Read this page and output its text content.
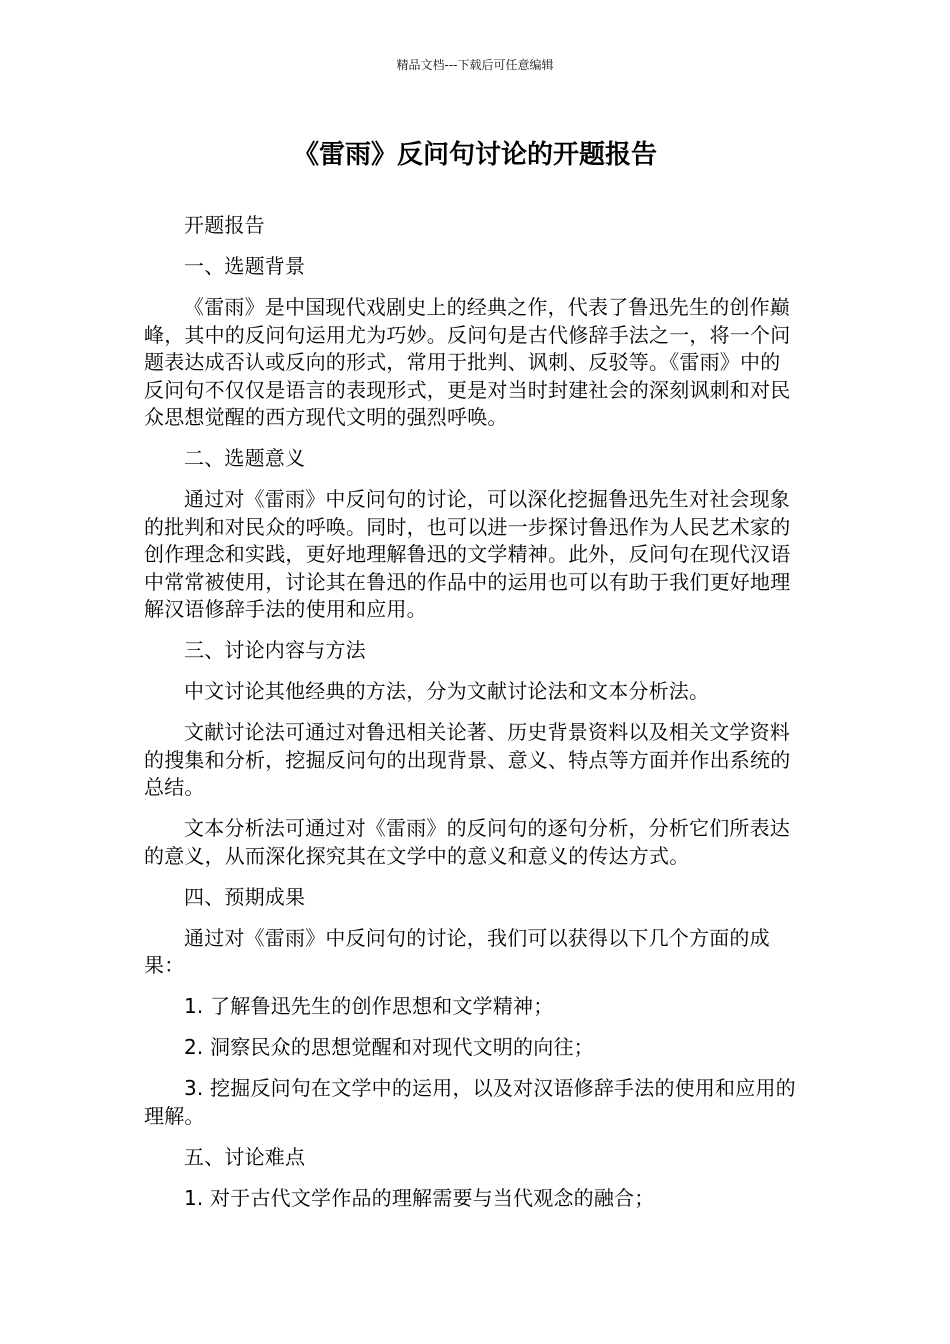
精品文档---下载后可任意编辑
《雷雨》反问句讨论的开题报告

开题报告

一、选题背景

《雷雨》是中国现代戏剧史上的经典之作，代表了鲁迅先生的创作巅峰，其中的反问句运用尤为巧妙。反问句是古代修辞手法之一，将一个问题表达成否认或反向的形式，常用于批判、讽刺、反驳等。《雷雨》中的反问句不仅仅是语言的表现形式，更是对当时封建社会的深刻讽刺和对民众思想觉醒的西方现代文明的强烈呼唤。

二、选题意义

通过对《雷雨》中反问句的讨论，可以深化挖掘鲁迅先生对社会现象的批判和对民众的呼唤。同时，也可以进一步探讨鲁迅作为人民艺术家的创作理念和实践，更好地理解鲁迅的文学精神。此外，反问句在现代汉语中常常被使用，讨论其在鲁迅的作品中的运用也可以有助于我们更好地理解汉语修辞手法的使用和应用。

三、讨论内容与方法

中文讨论其他经典的方法，分为文献讨论法和文本分析法。

文献讨论法可通过对鲁迅相关论著、历史背景资料以及相关文学资料的搜集和分析，挖掘反问句的出现背景、意义、特点等方面并作出系统的总结。

文本分析法可通过对《雷雨》的反问句的逐句分析，分析它们所表达的意义，从而深化探究其在文学中的意义和意义的传达方式。

四、预期成果

通过对《雷雨》中反问句的讨论，我们可以获得以下几个方面的成果：

1. 了解鲁迅先生的创作思想和文学精神；

2. 洞察民众的思想觉醒和对现代文明的向往；

3. 挖掘反问句在文学中的运用，以及对汉语修辞手法的使用和应用的理解。

五、讨论难点

1. 对于古代文学作品的理解需要与当代观念的融合；
